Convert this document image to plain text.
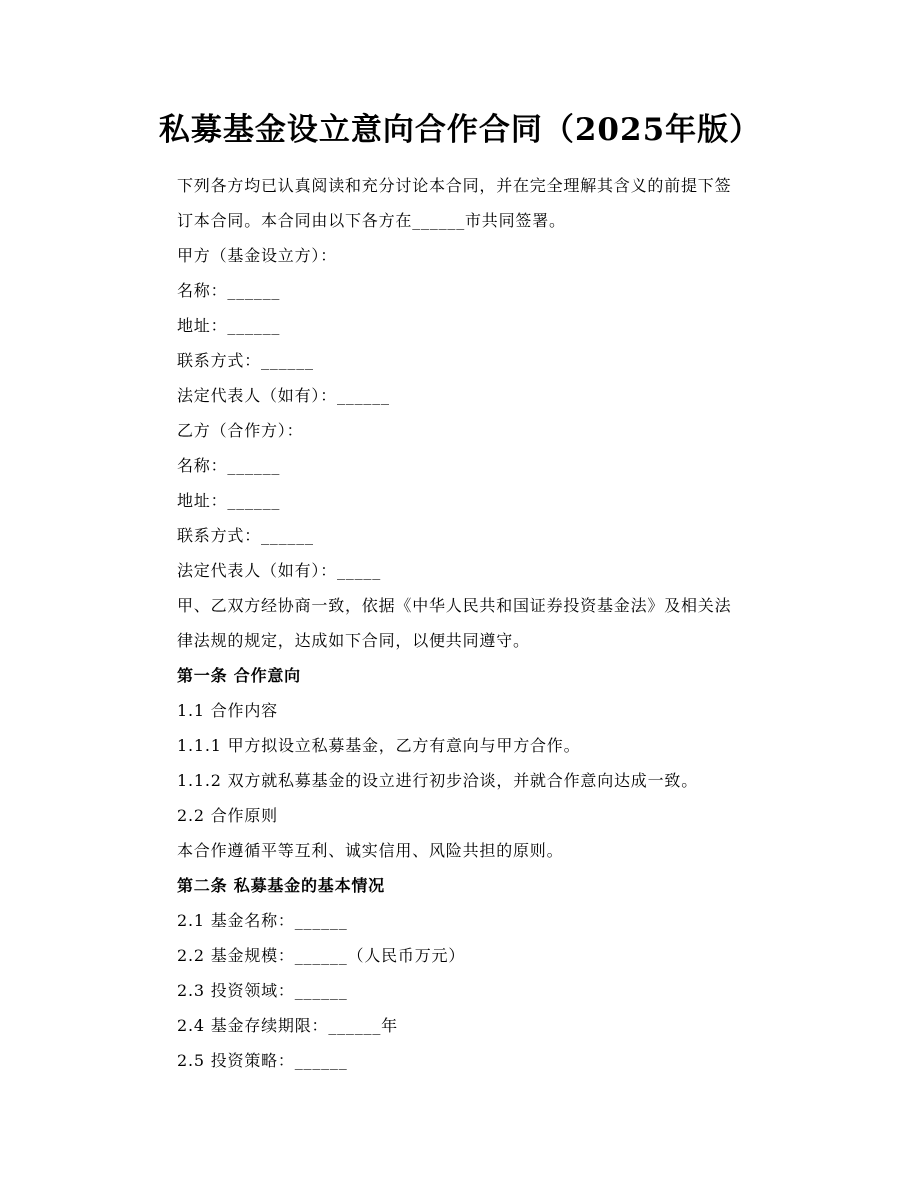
私募基金设立意向合作合同（2025年版）
下列各方均已认真阅读和充分讨论本合同，并在完全理解其含义的前提下签
订本合同。本合同由以下各方在______市共同签署。
甲方（基金设立方）：
名称：______
地址：______
联系方式：______
法定代表人（如有）：______
乙方（合作方）：
名称：______
地址：______
联系方式：______
法定代表人（如有）：_____
甲、乙双方经协商一致，依据《中华人民共和国证券投资基金法》及相关法
律法规的规定，达成如下合同，以便共同遵守。
第一条 合作意向
1.1 合作内容
1.1.1 甲方拟设立私募基金，乙方有意向与甲方合作。
1.1.2 双方就私募基金的设立进行初步洽谈，并就合作意向达成一致。
2.2 合作原则
本合作遵循平等互利、诚实信用、风险共担的原则。
第二条 私募基金的基本情况
2.1 基金名称：______
2.2 基金规模：______（人民币万元）
2.3 投资领域：______
2.4 基金存续期限：______年
2.5 投资策略：______
